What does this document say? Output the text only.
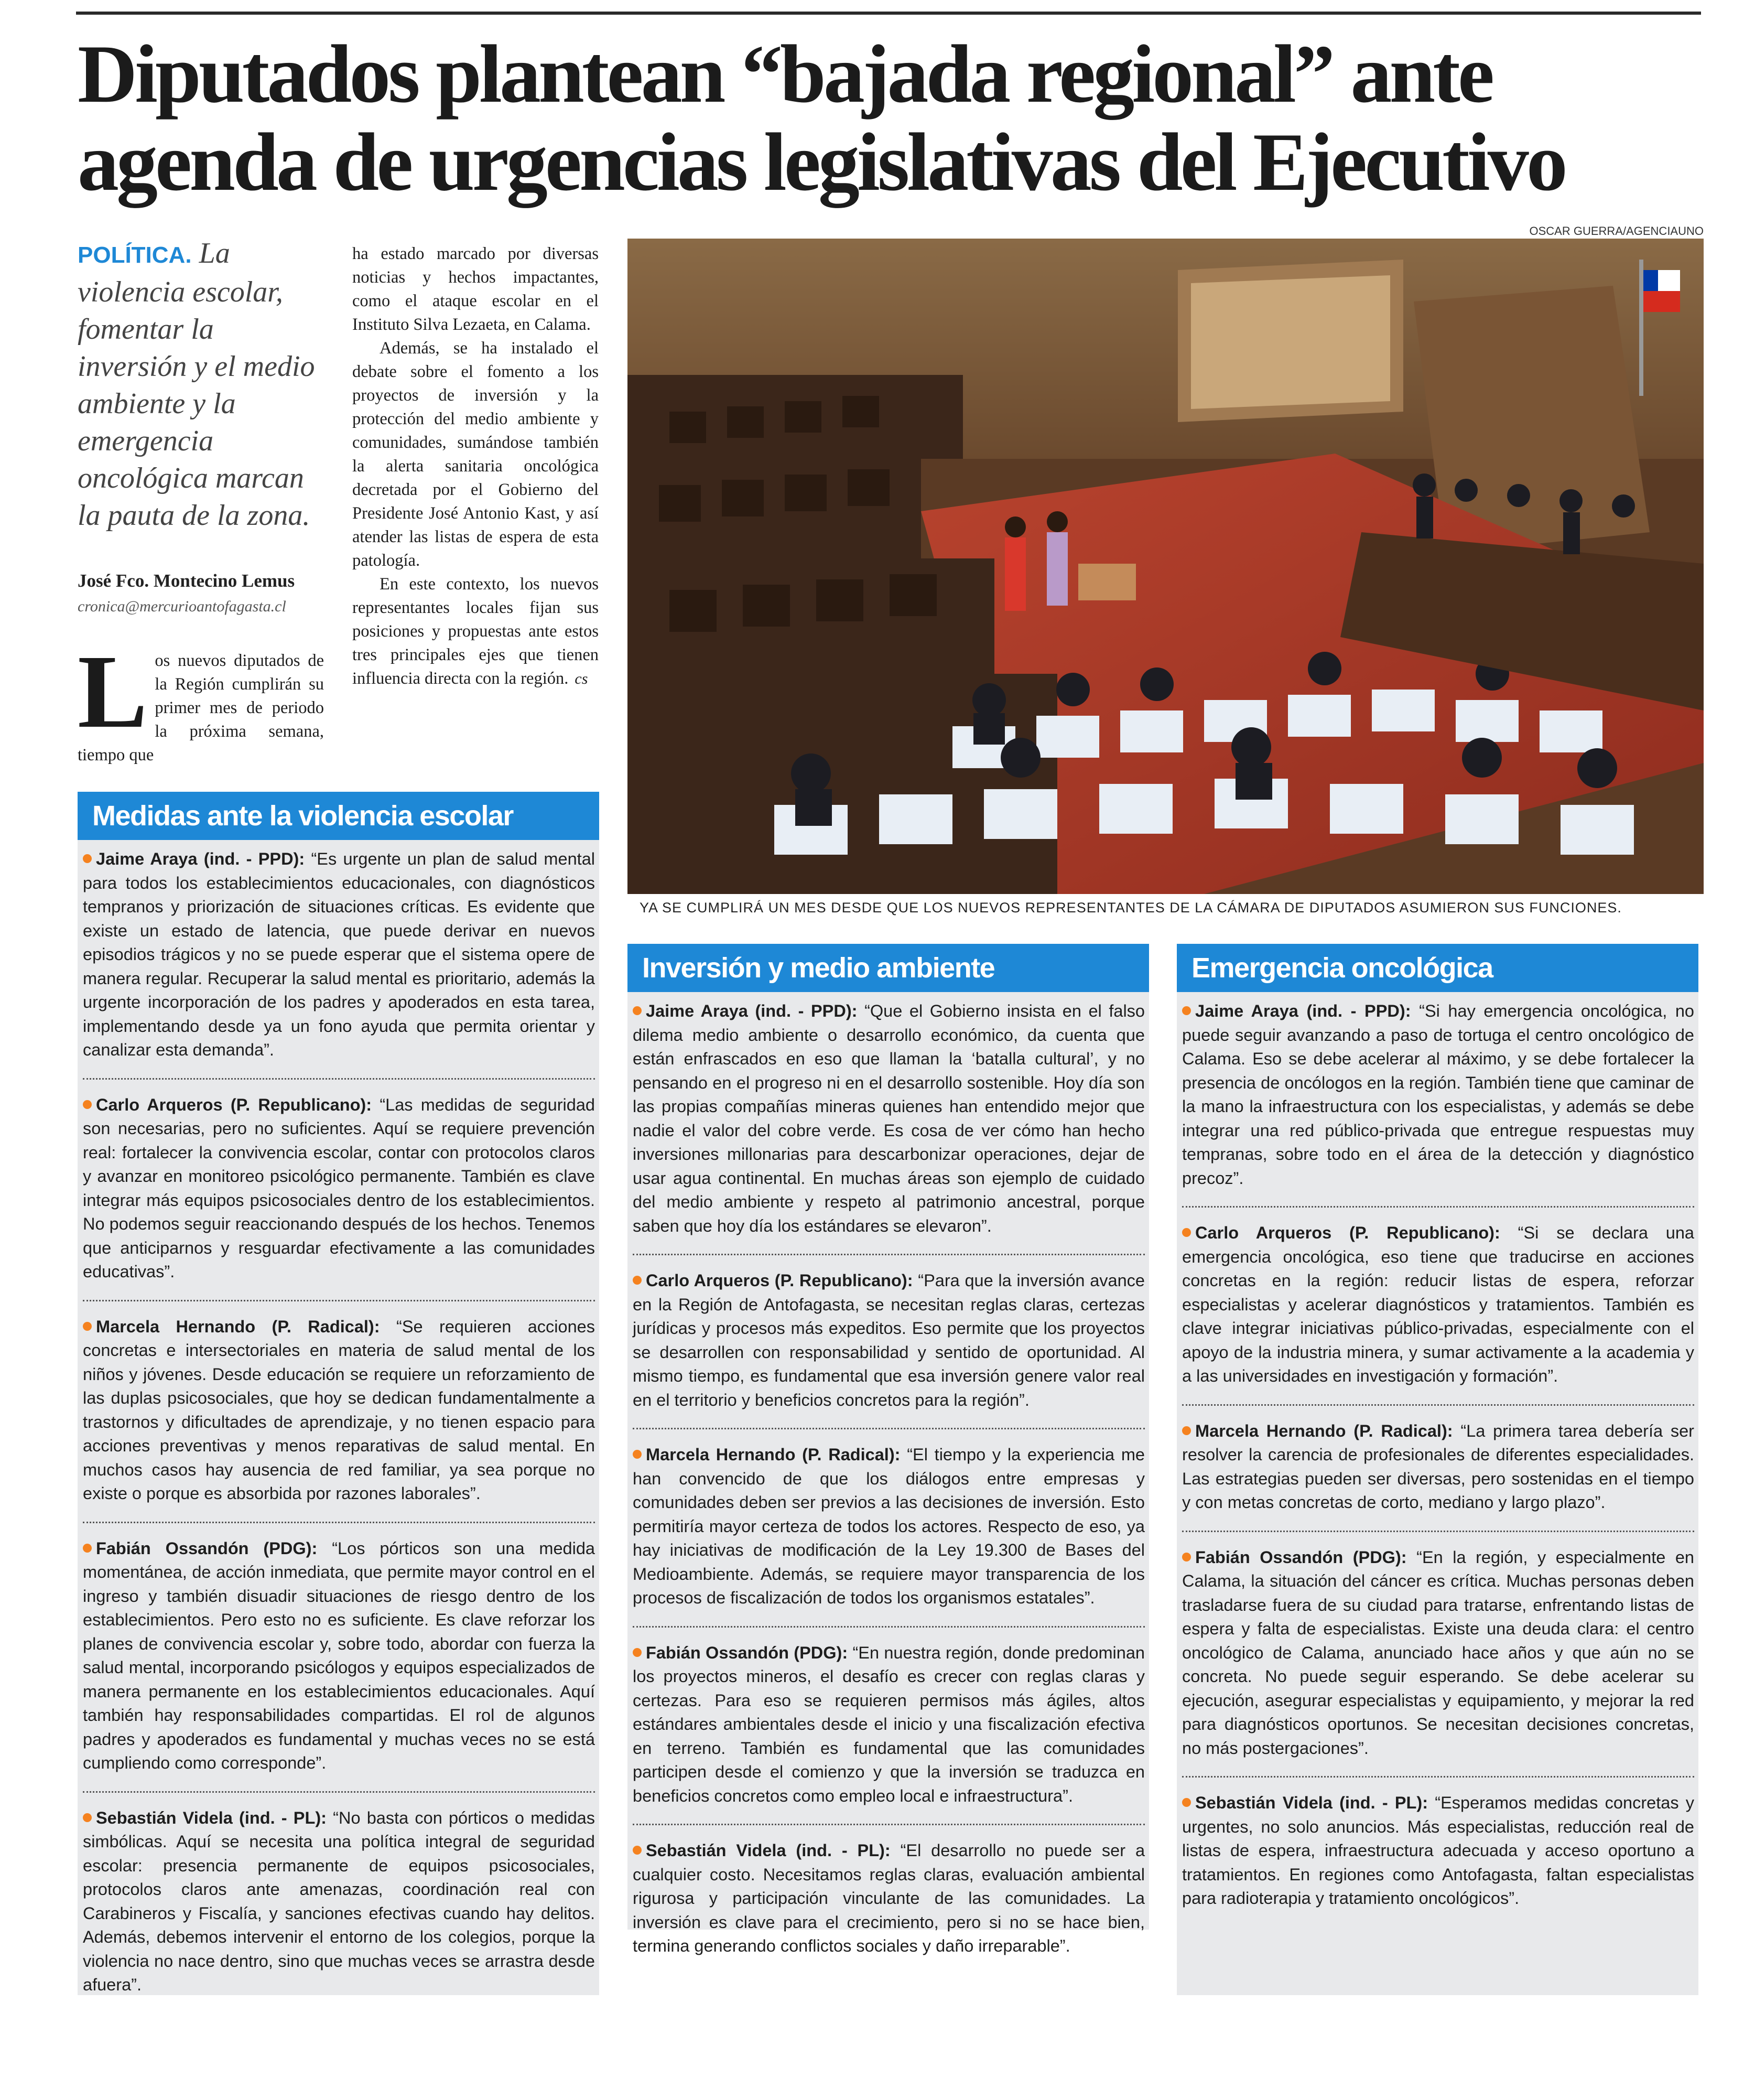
Diputados plantean “bajada regional” ante
agenda de urgencias legislativas del Ejecutivo

POLÍTICA. La violencia escolar, fomentar la inversión y el medio ambiente y la emergencia oncológica marcan la pauta de la zona.

José Fco. Montecino Lemus
cronica@mercurioantofagasta.cl

Los nuevos diputados de la Región cumplirán su primer mes de periodo la próxima semana, tiempo que

ha estado marcado por diversas noticias y hechos impactantes, como el ataque escolar en el Instituto Silva Lezaeta, en Calama.

Además, se ha instalado el debate sobre el fomento a los proyectos de inversión y la protección del medio ambiente y comunidades, sumándose también la alerta sanitaria oncológica decretada por el Gobierno del Presidente José Antonio Kast, y así atender las listas de espera de esta patología.

En este contexto, los nuevos representantes locales fijan sus posiciones y propuestas ante estos tres principales ejes que tienen influencia directa con la región. cs

OSCAR GUERRA/AGENCIAUNO
YA SE CUMPLIRÁ UN MES DESDE QUE LOS NUEVOS REPRESENTANTES DE LA CÁMARA DE DIPUTADOS ASUMIERON SUS FUNCIONES.
Medidas ante la violencia escolar
Jaime Araya (ind. - PPD): “Es urgente un plan de salud mental para todos los establecimientos educacionales, con diagnósticos tempranos y priorización de situaciones críticas. Es evidente que existe un estado de latencia, que puede derivar en nuevos episodios trágicos y no se puede esperar que el sistema opere de manera regular. Recuperar la salud mental es prioritario, además la urgente incorporación de los padres y apoderados en esta tarea, implementando desde ya un fono ayuda que permita orientar y canalizar esta demanda”.
Carlo Arqueros (P. Republicano): “Las medidas de seguridad son necesarias, pero no suficientes. Aquí se requiere prevención real: fortalecer la convivencia escolar, contar con protocolos claros y avanzar en monitoreo psicológico permanente. También es clave integrar más equipos psicosociales dentro de los establecimientos. No podemos seguir reaccionando después de los hechos. Tenemos que anticiparnos y resguardar efectivamente a las comunidades educativas”.
Marcela Hernando (P. Radical): “Se requieren acciones concretas e intersectoriales en materia de salud mental de los niños y jóvenes. Desde educación se requiere un reforzamiento de las duplas psicosociales, que hoy se dedican fundamentalmente a trastornos y dificultades de aprendizaje, y no tienen espacio para acciones preventivas y menos reparativas de salud mental. En muchos casos hay ausencia de red familiar, ya sea porque no existe o porque es absorbida por razones laborales”.
Fabián Ossandón (PDG): “Los pórticos son una medida momentánea, de acción inmediata, que permite mayor control en el ingreso y también disuadir situaciones de riesgo dentro de los establecimientos. Pero esto no es suficiente. Es clave reforzar los planes de convivencia escolar y, sobre todo, abordar con fuerza la salud mental, incorporando psicólogos y equipos especializados de manera permanente en los establecimientos educacionales. Aquí también hay responsabilidades compartidas. El rol de algunos padres y apoderados es fundamental y muchas veces no se está cumpliendo como corresponde”.
Sebastián Videla (ind. - PL): “No basta con pórticos o medidas simbólicas. Aquí se necesita una política integral de seguridad escolar: presencia permanente de equipos psicosociales, protocolos claros ante amenazas, coordinación real con Carabineros y Fiscalía, y sanciones efectivas cuando hay delitos. Además, debemos intervenir el entorno de los colegios, porque la violencia no nace dentro, sino que muchas veces se arrastra desde afuera”.
Inversión y medio ambiente
Jaime Araya (ind. - PPD): “Que el Gobierno insista en el falso dilema medio ambiente o desarrollo económico, da cuenta que están enfrascados en eso que llaman la ‘batalla cultural’, y no pensando en el progreso ni en el desarrollo sostenible. Hoy día son las propias compañías mineras quienes han entendido mejor que nadie el valor del cobre verde. Es cosa de ver cómo han hecho inversiones millonarias para descarbonizar operaciones, dejar de usar agua continental. En muchas áreas son ejemplo de cuidado del medio ambiente y respeto al patrimonio ancestral, porque saben que hoy día los estándares se elevaron”.
Carlo Arqueros (P. Republicano): “Para que la inversión avance en la Región de Antofagasta, se necesitan reglas claras, certezas jurídicas y procesos más expeditos. Eso permite que los proyectos se desarrollen con responsabilidad y sentido de oportunidad. Al mismo tiempo, es fundamental que esa inversión genere valor real en el territorio y beneficios concretos para la región”.
Marcela Hernando (P. Radical): “El tiempo y la experiencia me han convencido de que los diálogos entre empresas y comunidades deben ser previos a las decisiones de inversión. Esto permitiría mayor certeza de todos los actores. Respecto de eso, ya hay iniciativas de modificación de la Ley 19.300 de Bases del Medioambiente. Además, se requiere mayor transparencia de los procesos de fiscalización de todos los organismos estatales”.
Fabián Ossandón (PDG): “En nuestra región, donde predominan los proyectos mineros, el desafío es crecer con reglas claras y certezas. Para eso se requieren permisos más ágiles, altos estándares ambientales desde el inicio y una fiscalización efectiva en terreno. También es fundamental que las comunidades participen desde el comienzo y que la inversión se traduzca en beneficios concretos como empleo local e infraestructura”.
Sebastián Videla (ind. - PL): “El desarrollo no puede ser a cualquier costo. Necesitamos reglas claras, evaluación ambiental rigurosa y participación vinculante de las comunidades. La inversión es clave para el crecimiento, pero si no se hace bien, termina generando conflictos sociales y daño irreparable”.
Emergencia oncológica
Jaime Araya (ind. - PPD): “Si hay emergencia oncológica, no puede seguir avanzando a paso de tortuga el centro oncológico de Calama. Eso se debe acelerar al máximo, y se debe fortalecer la presencia de oncólogos en la región. También tiene que caminar de la mano la infraestructura con los especialistas, y además se debe integrar una red público-privada que entregue respuestas muy tempranas, sobre todo en el área de la detección y diagnóstico precoz”.
Carlo Arqueros (P. Republicano): “Si se declara una emergencia oncológica, eso tiene que traducirse en acciones concretas en la región: reducir listas de espera, reforzar especialistas y acelerar diagnósticos y tratamientos. También es clave integrar iniciativas público-privadas, especialmente con el apoyo de la industria minera, y sumar activamente a la academia y a las universidades en investigación y formación”.
Marcela Hernando (P. Radical): “La primera tarea debería ser resolver la carencia de profesionales de diferentes especialidades. Las estrategias pueden ser diversas, pero sostenidas en el tiempo y con metas concretas de corto, mediano y largo plazo”.
Fabián Ossandón (PDG): “En la región, y especialmente en Calama, la situación del cáncer es crítica. Muchas personas deben trasladarse fuera de su ciudad para tratarse, enfrentando listas de espera y falta de especialistas. Existe una deuda clara: el centro oncológico de Calama, anunciado hace años y que aún no se concreta. No puede seguir esperando. Se debe acelerar su ejecución, asegurar especialistas y equipamiento, y mejorar la red para diagnósticos oportunos. Se necesitan decisiones concretas, no más postergaciones”.
Sebastián Videla (ind. - PL): “Esperamos medidas concretas y urgentes, no solo anuncios. Más especialistas, reducción real de listas de espera, infraestructura adecuada y acceso oportuno a tratamientos. En regiones como Antofagasta, faltan especialistas para radioterapia y tratamiento oncológicos”.
